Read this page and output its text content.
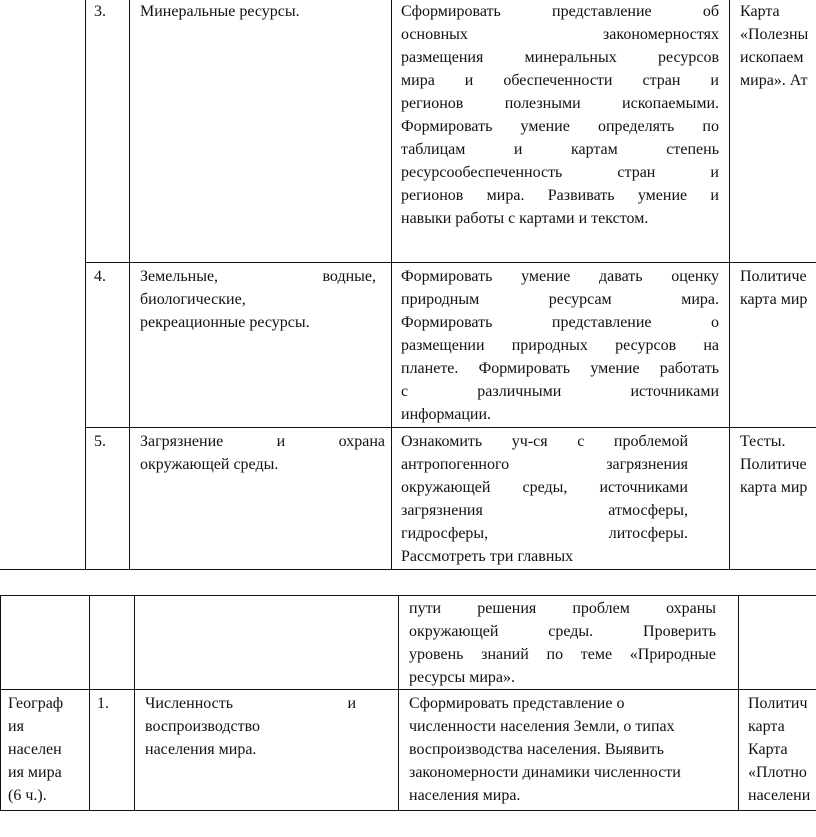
3. Минеральные ресурсы.	Сформировать представление об
основных закономерностях
размещения минеральных ресурсов
мира и обеспеченности стран и
регионов полезными ископаемыми.
Формировать умение определять по
таблицам и картам степень
ресурсообеспеченность стран и
регионов мира. Развивать умение и
навыки работы с картами и текстом.
Карта
«Полезны
ископаем
мира». Ат
4. Земельные, водные,
биологические,
рекреационные ресурсы.
Формировать умение давать оценку
природным ресурсам мира.
Формировать представление о
размещении природных ресурсов на
планете. Формировать умение работать
с различными источниками
информации.
Политиче
карта мир
5. Загрязнение и охрана
окружающей среды.
Ознакомить уч-ся с проблемой
антропогенного загрязнения
окружающей среды, источниками
загрязнения атмосферы,
гидросферы, литосферы.
Рассмотреть три главных
Тесты.
Политиче
карта мир
пути решения проблем охраны
окружающей среды. Проверить
уровень знаний по теме «Природные
ресурсы мира».
Географ
ия
населен
ия мира
(6 ч.).
1. Численность и
воспроизводство
населения мира.
Сформировать представление о
численности населения Земли, о типах
воспроизводства населения. Выявить
закономерности динамики численности
населения мира.
Политич
карта
Карта
«Плотно
населени
